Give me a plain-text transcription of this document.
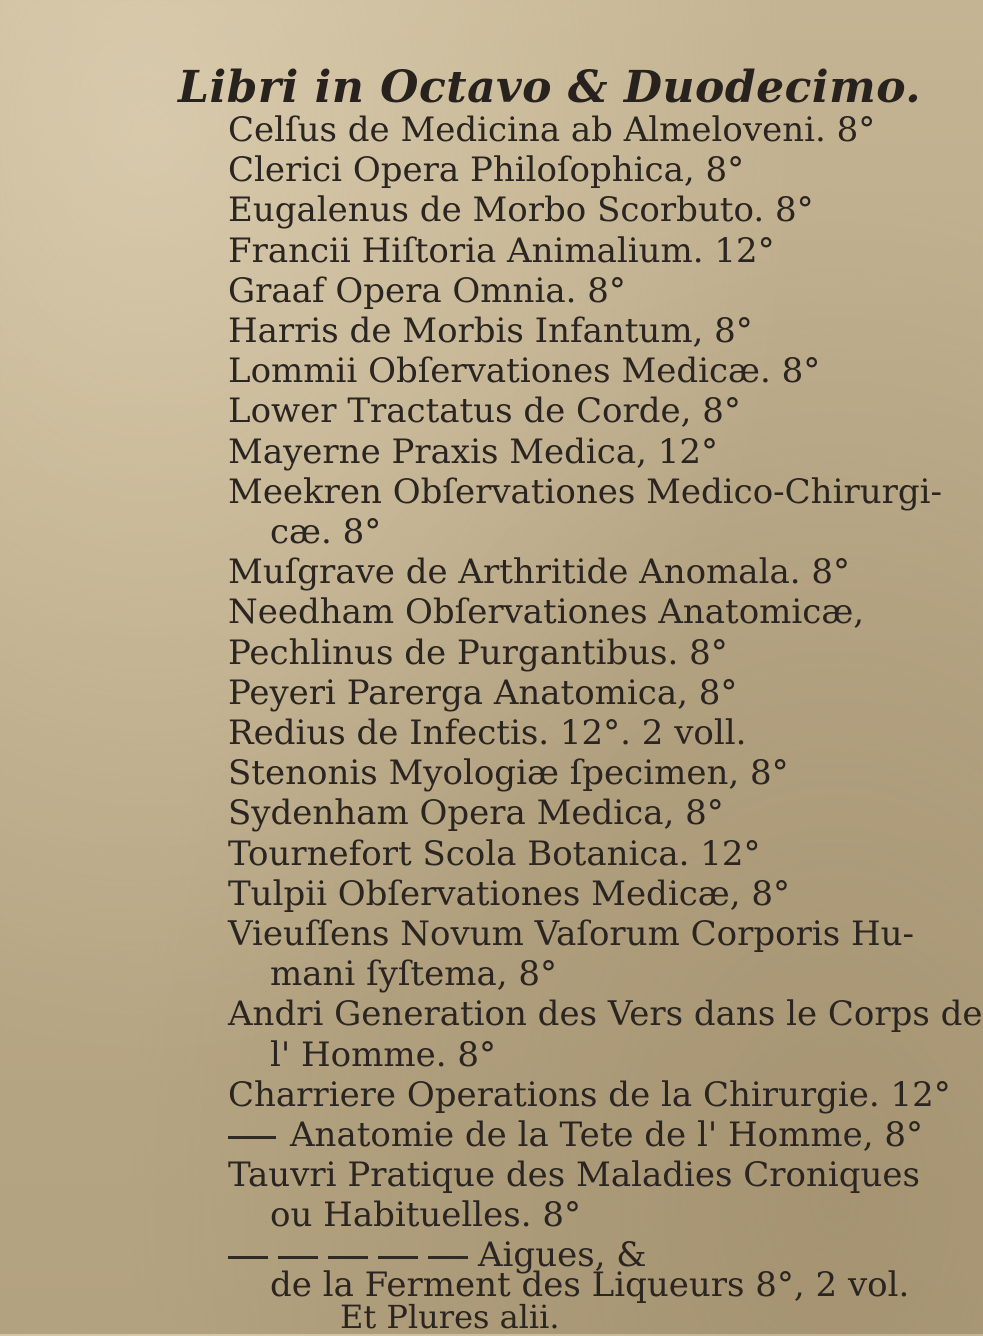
Libri in Octavo & Duodecimo.
Celſus de Medicina ab Almeloveni. 8°
Clerici Opera Philoſophica, 8°
Eugalenus de Morbo Scorbuto. 8°
Francii Hiſtoria Animalium. 12°
Graaf Opera Omnia. 8°
Harris de Morbis Infantum, 8°
Lommii Obſervationes Medicæ. 8°
Lower Tractatus de Corde, 8°
Mayerne Praxis Medica, 12°
Meekren Obſervationes Medico-Chirurgi-
cæ. 8°
Muſgrave de Arthritide Anomala. 8°
Needham Obſervationes Anatomicæ,
Pechlinus de Purgantibus. 8°
Peyeri Parerga Anatomica, 8°
Redius de Infectis. 12°. 2 voll.
Stenonis Myologiæ ſpecimen, 8°
Sydenham Opera Medica, 8°
Tournefort Scola Botanica. 12°
Tulpii Obſervationes Medicæ, 8°
Vieuſſens Novum Vaſorum Corporis Hu-
mani ſyſtema, 8°
Andri Generation des Vers dans le Corps de
l' Homme. 8°
Charriere Operations de la Chirurgie. 12°
Anatomie de la Tete de l' Homme, 8°
Tauvri Pratique des Maladies Croniques
ou Habituelles. 8°
Aigues, &
de la Ferment des Liqueurs 8°, 2 vol.
Et Plures alii.
